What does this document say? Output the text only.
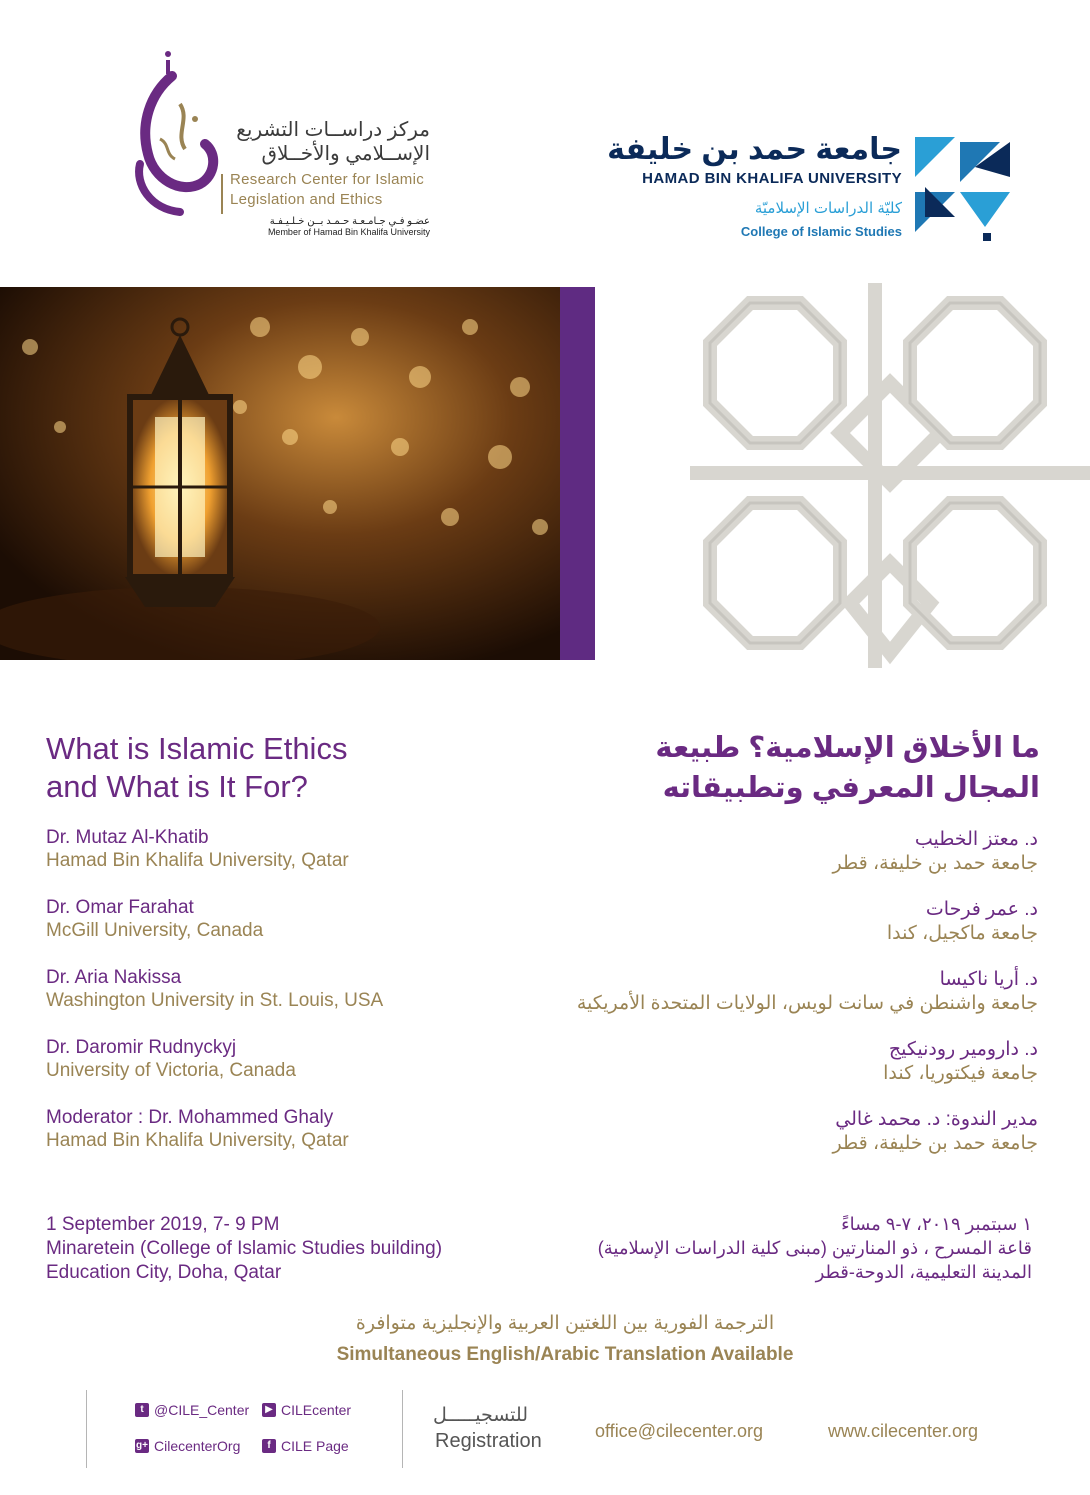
مركز دراســات التشريع
الإســلامي والأخــلاق
Research Center for Islamic
Legislation and Ethics
عضـو فـي جـامـعـة حـمـد بــن خـلـيـفـة
Member of Hamad Bin Khalifa University
جامعة حمد بن خليفة
HAMAD BIN KHALIFA UNIVERSITY
كليّة الدراسات الإسلاميّة
College of Islamic Studies
What is Islamic Ethics
and What is It For?
ما الأخلاق الإسلامية؟ طبيعة
المجال المعرفي وتطبيقاته
Dr. Mutaz Al-Khatib
Hamad Bin Khalifa University, Qatar
Dr. Omar Farahat
McGill University, Canada
Dr. Aria Nakissa
Washington University in St. Louis, USA
Dr. Daromir Rudnyckyj
University of Victoria, Canada
Moderator : Dr. Mohammed Ghaly
Hamad Bin Khalifa University, Qatar
د. معتز الخطيب
جامعة حمد بن خليفة، قطر
د. عمر فرحات
جامعة ماكجيل، كندا
د. أريا ناكيسا
جامعة واشنطن في سانت لويس، الولايات المتحدة الأمريكية
د. دارومير رودنيكيج
جامعة فيكتوريا، كندا
مدير الندوة: د. محمد غالي
جامعة حمد بن خليفة، قطر
1 September 2019, 7- 9 PM
Minaretein (College of Islamic Studies building)
Education City, Doha, Qatar
١ سبتمبر ٢٠١٩، ٧-٩ مساءً
قاعة المسرح ، ذو المنارتين (مبنى كلية الدراسات الإسلامية)
المدينة التعليمية، الدوحة-قطر
الترجمة الفورية بين اللغتين العربية والإنجليزية متوافرة
Simultaneous English/Arabic Translation Available
t @CILE_Center	▶ CILEcenter
g+ CilecenterOrg	f CILE Page
للتسجيـــــل
Registration	office@cilecenter.org	www.cilecenter.org
